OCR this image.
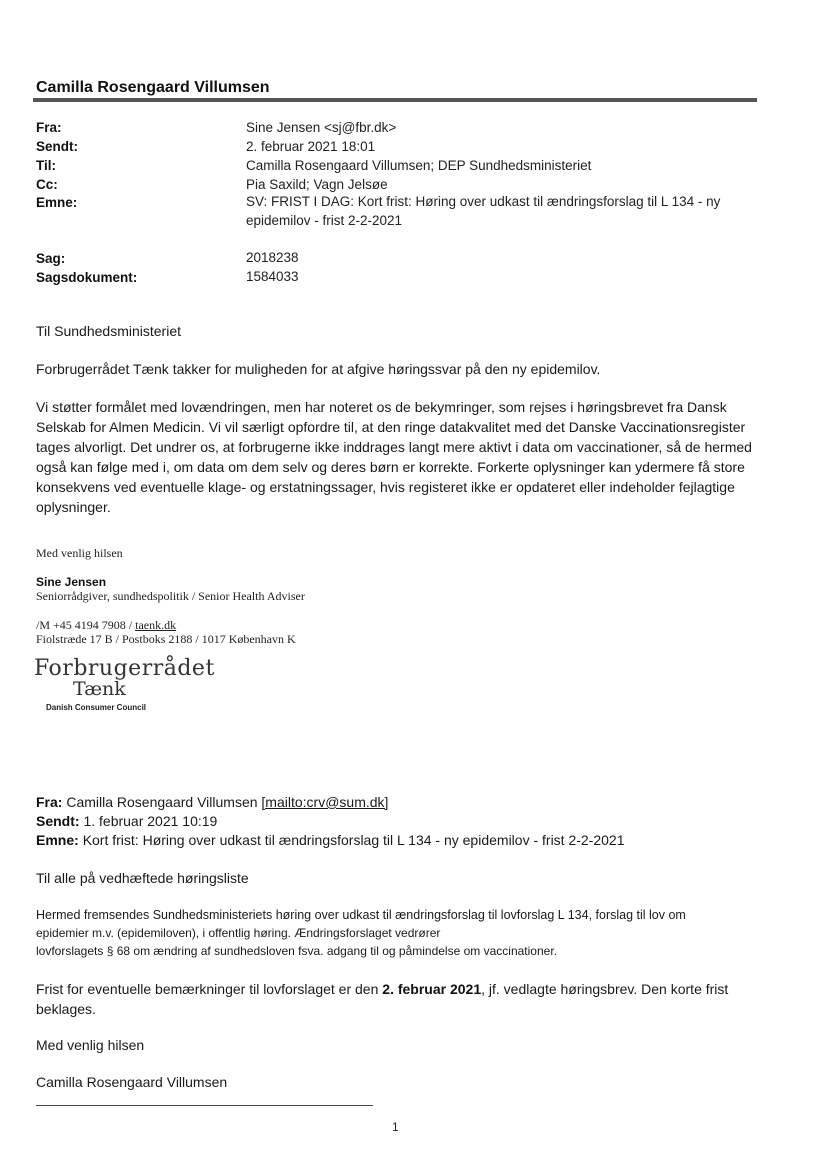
Camilla Rosengaard Villumsen
Fra:	Sine Jensen <sj@fbr.dk>
Sendt:	2. februar 2021 18:01
Til:	Camilla Rosengaard Villumsen; DEP Sundhedsministeriet
Cc:	Pia Saxild; Vagn Jelsøe
Emne:	SV: FRIST I DAG: Kort frist: Høring over udkast til ændringsforslag til L 134 - ny epidemilov - frist 2-2-2021
Sag:	2018238
Sagsdokument:	1584033
Til Sundhedsministeriet
Forbrugerrådet Tænk takker for muligheden for at afgive høringssvar på den ny epidemilov.
Vi støtter formålet med lovændringen, men har noteret os de bekymringer, som rejses i høringsbrevet fra Dansk Selskab for Almen Medicin. Vi vil særligt opfordre til, at den ringe datakvalitet med det Danske Vaccinationsregister tages alvorligt. Det undrer os, at forbrugerne ikke inddrages langt mere aktivt i data om vaccinationer, så de hermed også kan følge med i, om data om dem selv og deres børn er korrekte. Forkerte oplysninger kan ydermere få store konsekvens ved eventuelle klage- og erstatningssager, hvis registeret ikke er opdateret eller indeholder fejlagtige oplysninger.
Med venlig hilsen
Sine Jensen
Seniorrådgiver, sundhedspolitik / Senior Health Adviser
/M +45 4194 7908 / taenk.dk
Fiolstræde 17 B / Postboks 2188 / 1017 København K
Forbrugerrådet
Tænk
Danish Consumer Council
Fra: Camilla Rosengaard Villumsen [mailto:crv@sum.dk]
Sendt: 1. februar 2021 10:19
Emne: Kort frist: Høring over udkast til ændringsforslag til L 134 - ny epidemilov - frist 2-2-2021
Til alle på vedhæftede høringsliste
Hermed fremsendes Sundhedsministeriets høring over udkast til ændringsforslag til lovforslag L 134, forslag til lov om
epidemier m.v. (epidemiloven), i offentlig høring. Ændringsforslaget vedrører
lovforslagets § 68 om ændring af sundhedsloven fsva. adgang til og påmindelse om vaccinationer.
Frist for eventuelle bemærkninger til lovforslaget er den 2. februar 2021, jf. vedlagte høringsbrev. Den korte frist beklages.
Med venlig hilsen
Camilla Rosengaard Villumsen
1
